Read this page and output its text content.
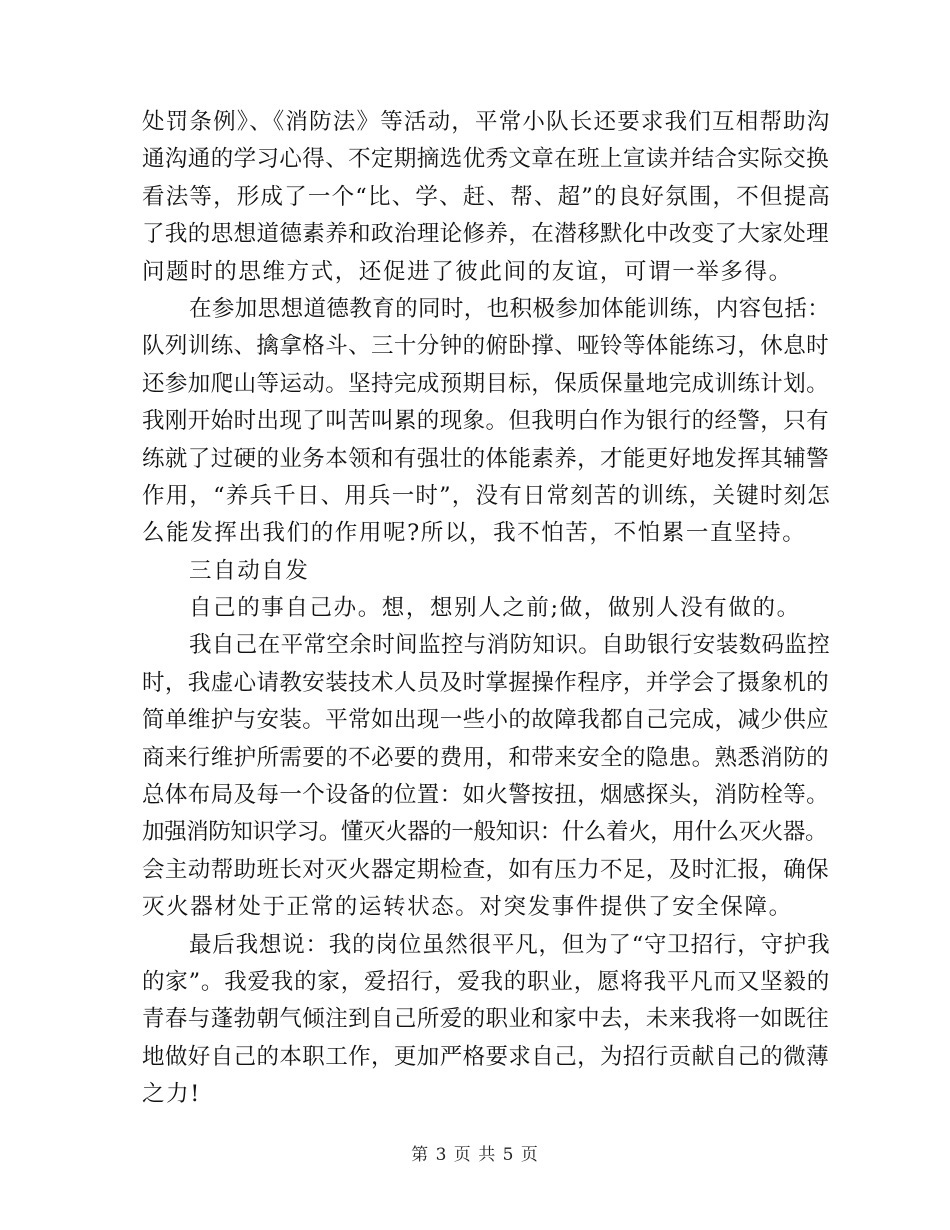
处罚条例》、《消防法》等活动，平常小队长还要求我们互相帮助沟
通沟通的学习心得、不定期摘选优秀文章在班上宣读并结合实际交换
看法等，形成了一个“比、学、赶、帮、超”的良好氛围，不但提高
了我的思想道德素养和政治理论修养，在潜移默化中改变了大家处理
问题时的思维方式，还促进了彼此间的友谊，可谓一举多得。
在参加思想道德教育的同时，也积极参加体能训练，内容包括：
队列训练、擒拿格斗、三十分钟的俯卧撑、哑铃等体能练习，休息时
还参加爬山等运动。坚持完成预期目标，保质保量地完成训练计划。
我刚开始时出现了叫苦叫累的现象。但我明白作为银行的经警，只有
练就了过硬的业务本领和有强壮的体能素养，才能更好地发挥其辅警
作用，“养兵千日、用兵一时”，没有日常刻苦的训练，关键时刻怎
么能发挥出我们的作用呢?所以，我不怕苦，不怕累一直坚持。
三自动自发
自己的事自己办。想，想别人之前;做，做别人没有做的。
我自己在平常空余时间监控与消防知识。自助银行安装数码监控
时，我虚心请教安装技术人员及时掌握操作程序，并学会了摄象机的
简单维护与安装。平常如出现一些小的故障我都自己完成，减少供应
商来行维护所需要的不必要的费用，和带来安全的隐患。熟悉消防的
总体布局及每一个设备的位置：如火警按扭，烟感探头，消防栓等。
加强消防知识学习。懂灭火器的一般知识：什么着火，用什么灭火器。
会主动帮助班长对灭火器定期检查，如有压力不足，及时汇报，确保
灭火器材处于正常的运转状态。对突发事件提供了安全保障。
最后我想说：我的岗位虽然很平凡，但为了“守卫招行，守护我
的家”。我爱我的家，爱招行，爱我的职业，愿将我平凡而又坚毅的
青春与蓬勃朝气倾注到自己所爱的职业和家中去，未来我将一如既往
地做好自己的本职工作，更加严格要求自己，为招行贡献自己的微薄
之力!
第 3 页 共 5 页
